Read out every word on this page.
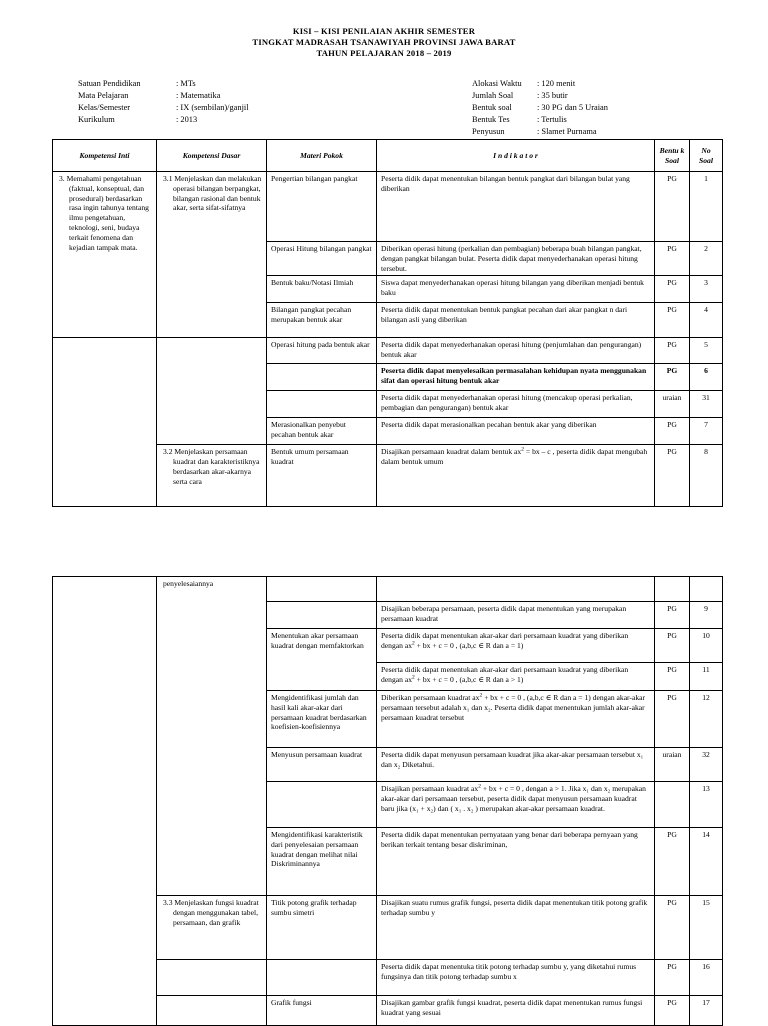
KISI – KISI PENILAIAN AKHIR SEMESTER
TINGKAT MADRASAH TSANAWIYAH PROVINSI JAWA BARAT
TAHUN PELAJARAN 2018 – 2019
Satuan Pendidikan	: MTs
Mata Pelajaran	: Matematika
Kelas/Semester	: IX (sembilan)/ganjil
Kurikulum	: 2013
Alokasi Waktu	: 120 menit
Jumlah Soal	: 35 butir
Bentuk soal	: 30 PG dan 5 Uraian
Bentuk Tes	: Tertulis
Penyusun	: Slamet Purnama
Kompetensi Inti	Kompetensi Dasar	Materi Pokok	I n d i k a t o r	Bentu k Soal	No Soal
3. Memahami pengetahuan (faktual, konseptual, dan prosedural) berdasarkan rasa ingin tahunya tentang ilmu pengetahuan, teknologi, seni, budaya terkait fenomena dan kejadian tampak mata.	3.1 Menjelaskan dan melakukan operasi bilangan berpangkat, bilangan rasional dan bentuk akar, serta sifat-sifatnya	Pengertian bilangan pangkat	Peserta didik dapat menentukan bilangan bentuk pangkat dari bilangan bulat yang diberikan	PG	1
		Operasi Hitung bilangan pangkat	Diberikan operasi hitung (perkalian dan pembagian) beberapa buah bilangan pangkat, dengan pangkat bilangan bulat. Peserta didik dapat menyederhanakan operasi hitung tersebut.	PG	2
		Bentuk baku/Notasi Ilmiah	Siswa dapat menyederhanakan operasi hitung bilangan yang diberikan menjadi bentuk baku	PG	3
		Bilangan pangkat pecahan merupakan bentuk akar	Peserta didik dapat menentukan bentuk pangkat pecahan dari akar pangkat n dari bilangan asli yang diberikan	PG	4
		Operasi hitung pada bentuk akar	Peserta didik dapat menyederhanakan operasi hitung (penjumlahan dan pengurangan) bentuk akar	PG	5
			Peserta didik dapat menyelesaikan permasalahan kehidupan nyata menggunakan sifat dan operasi hitung bentuk akar	PG	6
			Peserta didik dapat menyederhanakan operasi hitung (mencakup operasi perkalian, pembagian dan pengurangan) bentuk akar	uraian	31
		Merasionalkan penyebut pecahan bentuk akar	Peserta didik dapat merasionalkan pecahan bentuk akar yang diberikan	PG	7
	3.2 Menjelaskan persamaan kuadrat dan karakteristiknya berdasarkan akar-akarnya serta cara	Bentuk umum persamaan kuadrat	Disajikan persamaan kuadrat dalam bentuk $ax^2$ = bx – c , peserta didik dapat mengubah dalam bentuk umum	PG	8
	penyelesaiannya				
			Disajikan beberapa persamaan, peserta didik dapat menentukan yang merupakan persamaan kuadrat	PG	9
		Menentukan akar persamaan kuadrat dengan memfaktorkan	Peserta didik dapat menentukan akar-akar dari persamaan kuadrat yang diberikan dengan $ax^2$ + bx + c = 0 , (a,b,c ∈ R dan a = 1)	PG	10
			Peserta didik dapat menentukan akar-akar dari persamaan kuadrat yang diberikan dengan $ax^2$ + bx + c = 0 , (a,b,c ∈ R dan a > 1)	PG	11
		Mengidentifikasi jumlah dan hasil kali akar-akar dari persamaan kuadrat berdasarkan koefisien-koefisiennya	Diberikan persamaan kuadrat $ax^2$ + bx + c = 0 , (a,b,c ∈ R dan a = 1) dengan akar-akar persamaan tersebut adalah x₁ dan x₂. Peserta didik dapat menentukan jumlah akar-akar persamaan kuadrat tersebut	PG	12
		Menyusun persamaan kuadrat	Peserta didik dapat menyusun persamaan kuadrat jika akar-akar persamaan tersebut x₁ dan x₂ Diketahui.	uraian	32
			Disajikan persamaan kuadrat $ax^2$ + bx + c = 0 , dengan a > 1. Jika x₁ dan x₂ merupakan akar-akar dari persamaan tersebut, peserta didik dapat menyusun persamaan kuadrat baru jika (x₁ + x₂) dan ( x₁ . x₂ ) merupakan akar-akar persamaan kuadrat.		13
		Mengidentifikasi karakteristik dari penyelesaian persamaan kuadrat dengan melihat nilai Diskriminannya	Peserta didik dapat menentukan pernyataan yang benar dari beberapa pernyaan yang berikan terkait tentang besar diskriminan,	PG	14

	3.3 Menjelaskan fungsi kuadrat dengan menggunakan tabel, persamaan, dan grafik	Titik potong grafik terhadap sumbu simetri	Disajikan suatu rumus grafik fungsi, peserta didik dapat menentukan titik potong grafik terhadap sumbu y	PG	15
			Peserta didik dapat menentuka titik potong terhadap sumbu y, yang diketahui rumus fungsinya dan titik potong terhadap sumbu x	PG	16
		Grafik fungsi	Disajikan gambar grafik fungsi kuadrat, peserta didik dapat menentukan rumus fungsi kuadrat yang sesuai	PG	17
